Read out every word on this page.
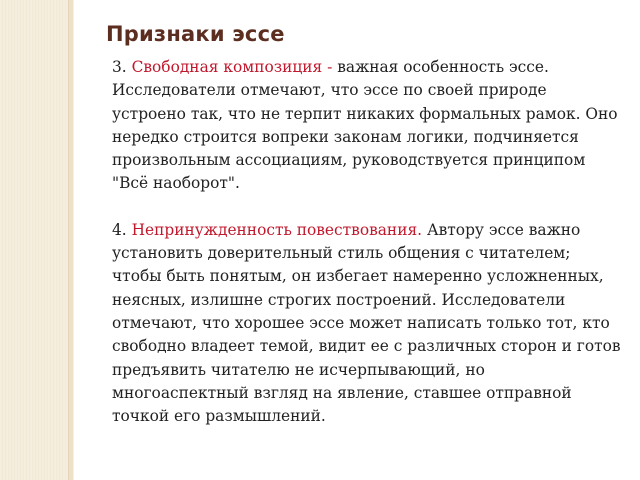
Признаки эссе

3. Свободная композиция - важная особенность эссе. Исследователи отмечают, что эссе по своей природе устроено так, что не терпит никаких формальных рамок. Оно нередко строится вопреки законам логики, подчиняется произвольным ассоциациям, руководствуется принципом "Всё наоборот".

4. Непринужденность повествования. Автору эссе важно установить доверительный стиль общения с читателем; чтобы быть понятым, он избегает намеренно усложненных, неясных, излишне строгих построений. Исследователи отмечают, что хорошее эссе может написать только тот, кто свободно владеет темой, видит ее с различных сторон и готов предъявить читателю не исчерпывающий, но многоаспектный взгляд на явление, ставшее отправной точкой его размышлений.
